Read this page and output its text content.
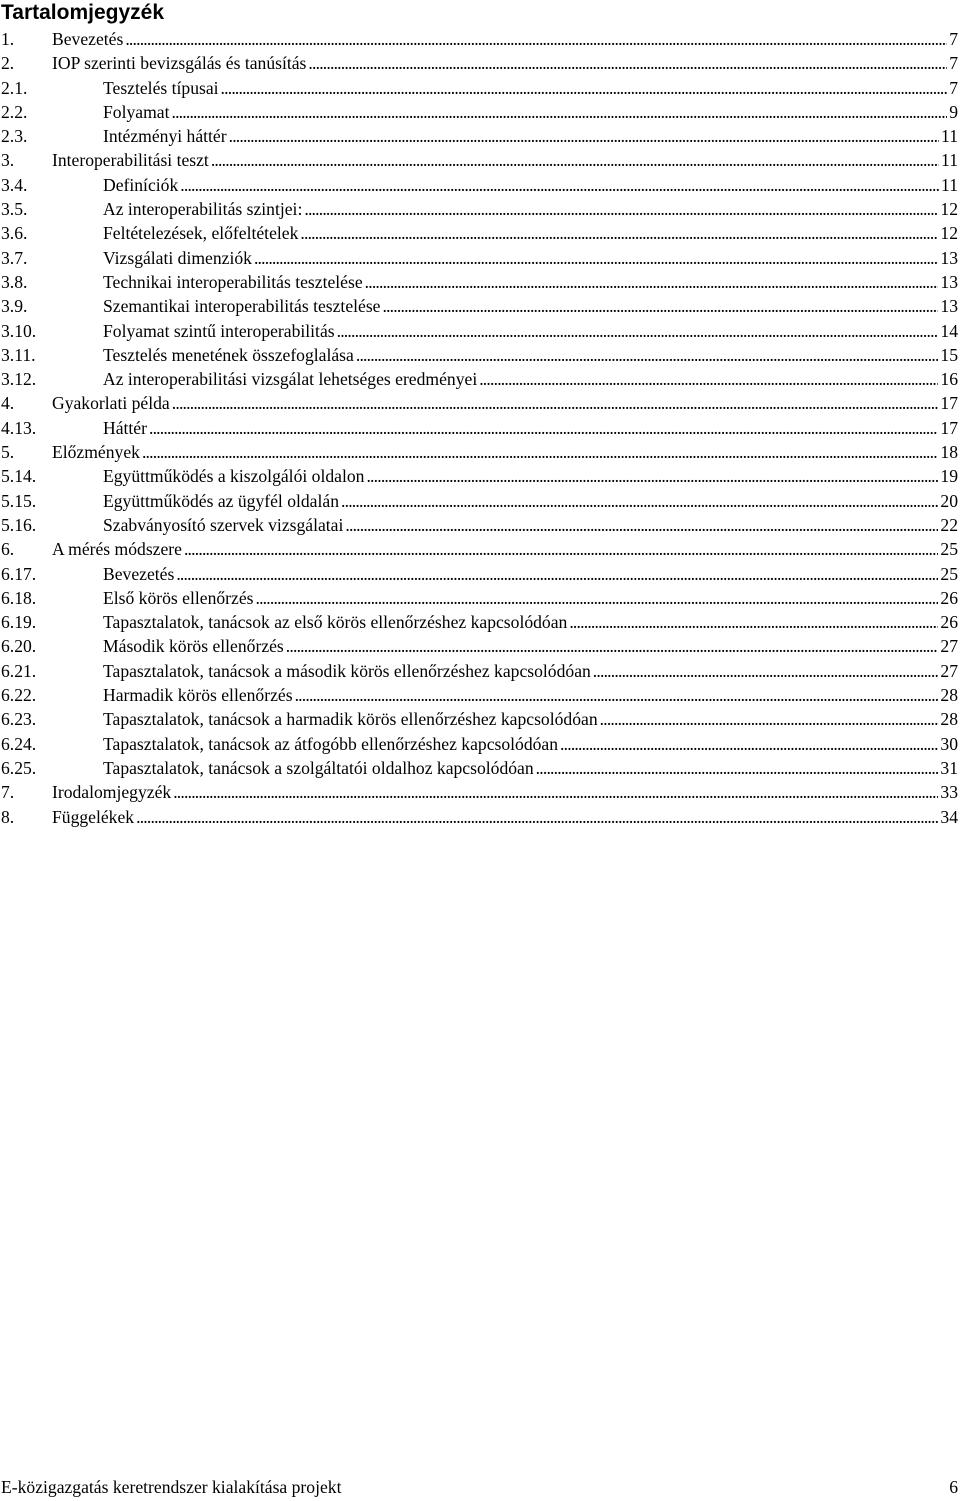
Tartalomjegyzék
1.	Bevezetés . . .	7
2.	IOP szerinti bevizsgálás és tanúsítás . . .	7
2.1.	Tesztelés típusai . . .	7
2.2.	Folyamat . . .	9
2.3.	Intézményi háttér . . .	11
3.	Interoperabilitási teszt . . .	11
3.4.	Definíciók . . .	11
3.5.	Az interoperabilitás szintjei: . . .	12
3.6.	Feltételezések, előfeltételek . . .	12
3.7.	Vizsgálati dimenziók . . .	13
3.8.	Technikai interoperabilitás tesztelése . . .	13
3.9.	Szemantikai interoperabilitás tesztelése . . .	13
3.10.	Folyamat szintű interoperabilitás . . .	14
3.11.	Tesztelés menetének összefoglalása . . .	15
3.12.	Az interoperabilitási vizsgálat lehetséges eredményei . . .	16
4.	Gyakorlati példa . . .	17
4.13.	Háttér . . .	17
5.	Előzmények . . .	18
5.14.	Együttműködés a kiszolgálói oldalon . . .	19
5.15.	Együttműködés az ügyfél oldalán . . .	20
5.16.	Szabványosító szervek vizsgálatai . . .	22
6.	A mérés módszere . . .	25
6.17.	Bevezetés . . .	25
6.18.	Első körös ellenőrzés . . .	26
6.19.	Tapasztalatok, tanácsok az első körös ellenőrzéshez kapcsolódóan . . .	26
6.20.	Második körös ellenőrzés . . .	27
6.21.	Tapasztalatok, tanácsok a második körös ellenőrzéshez kapcsolódóan . . .	27
6.22.	Harmadik körös ellenőrzés . . .	28
6.23.	Tapasztalatok, tanácsok a harmadik körös ellenőrzéshez kapcsolódóan . . .	28
6.24.	Tapasztalatok, tanácsok az átfogóbb ellenőrzéshez kapcsolódóan . . .	30
6.25.	Tapasztalatok, tanácsok a szolgáltatói oldalhoz kapcsolódóan . . .	31
7.	Irodalomjegyzék . . .	33
8.	Függelékek . . .	34
E-közigazgatás keretrendszer kialakítása projekt	6
